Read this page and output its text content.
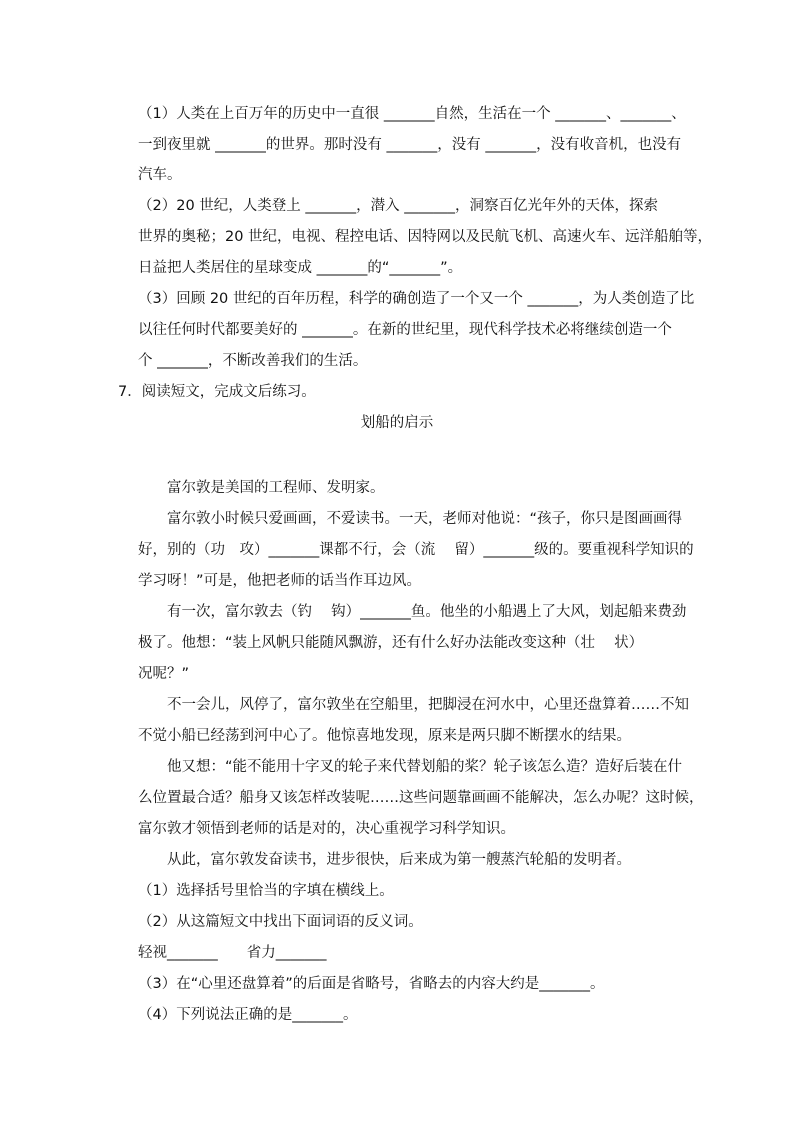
（1）人类在上百万年的历史中一直很 _______自然，生活在一个 _______、_______、
一到夜里就 _______的世界。那时没有 _______，没有 _______，没有收音机，也没有
汽车。
（2）20 世纪，人类登上 _______，潜入 _______，洞察百亿光年外的天体，探索
世界的奥秘；20 世纪，电视、程控电话、因特网以及民航飞机、高速火车、远洋船舶等，
日益把人类居住的星球变成 _______的“_______”。
（3）回顾 20 世纪的百年历程，科学的确创造了一个又一个 _______，为人类创造了比
以往任何时代都要美好的 _______。在新的世纪里，现代科学技术必将继续创造一个
个 _______，不断改善我们的生活。
7．阅读短文，完成文后练习。
划船的启示
富尔敦是美国的工程师、发明家。
富尔敦小时候只爱画画，不爱读书。一天，老师对他说：“孩子，你只是图画画得
好，别的（功　攻）_______课都不行，会（流　 留）_______级的。要重视科学知识的
学习呀！”可是，他把老师的话当作耳边风。
有一次，富尔敦去（钓　 钩）_______鱼。他坐的小船遇上了大风，划起船来费劲
极了。他想：“装上风帆只能随风飘游，还有什么好办法能改变这种（壮　 状）
况呢？”
不一会儿，风停了，富尔敦坐在空船里，把脚浸在河水中，心里还盘算着……不知
不觉小船已经荡到河中心了。他惊喜地发现，原来是两只脚不断摆水的结果。
他又想：“能不能用十字叉的轮子来代替划船的桨？轮子该怎么造？造好后装在什
么位置最合适？船身又该怎样改装呢……这些问题靠画画不能解决，怎么办呢？这时候，
富尔敦才领悟到老师的话是对的，决心重视学习科学知识。
从此，富尔敦发奋读书，进步很快，后来成为第一艘蒸汽轮船的发明者。
（1）选择括号里恰当的字填在横线上。
（2）从这篇短文中找出下面词语的反义词。
轻视_______　　省力_______
（3）在“心里还盘算着”的后面是省略号，省略去的内容大约是_______。
（4）下列说法正确的是_______。
